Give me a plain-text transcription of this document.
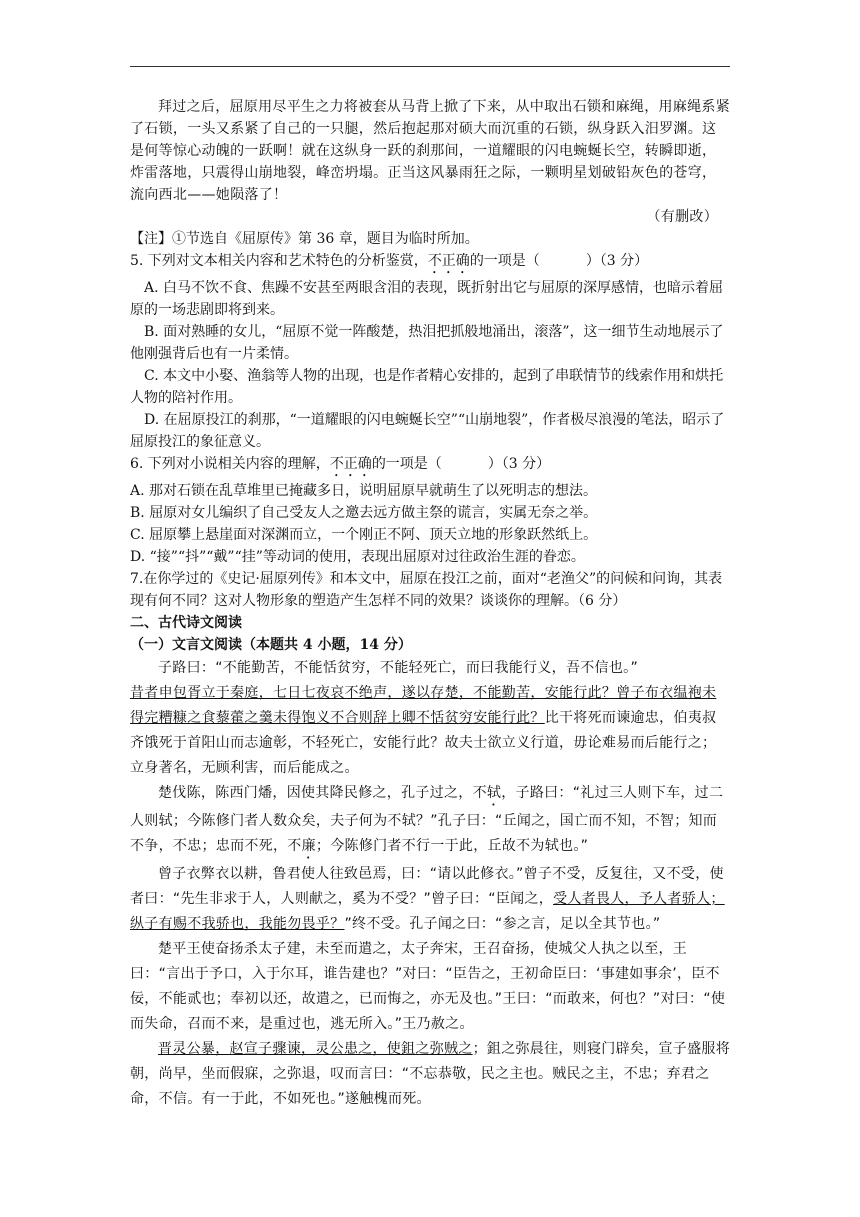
拜过之后，屈原用尽平生之力将被套从马背上掀了下来，从中取出石锁和麻绳，用麻绳系紧了石锁，一头又系紧了自己的一只腿，然后抱起那对硕大而沉重的石锁，纵身跃入汨罗渊。这是何等惊心动魄的一跃啊！就在这纵身一跃的刹那间，一道耀眼的闪电蜿蜒长空，转瞬即逝，炸雷落地，只震得山崩地裂，峰峦坍塌。正当这风暴雨狂之际，一颗明星划破铅灰色的苍穹，流向西北——她陨落了！

（有删改）

【注】①节选自《屈原传》第 36 章，题目为临时所加。

5. 下列对文本相关内容和艺术特色的分析鉴赏，不正确的一项是（	）（3 分）

A. 白马不饮不食、焦躁不安甚至两眼含泪的表现，既折射出它与屈原的深厚感情，也暗示着屈原的一场悲剧即将到来。

B. 面对熟睡的女儿，“屈原不觉一阵酸楚，热泪把抓般地涌出，滚落”，这一细节生动地展示了他刚强背后也有一片柔情。

C. 本文中小娶、渔翁等人物的出现，也是作者精心安排的，起到了串联情节的线索作用和烘托人物的陪衬作用。

D. 在屈原投江的刹那，“一道耀眼的闪电蜿蜒长空”“山崩地裂”，作者极尽浪漫的笔法，昭示了屈原投江的象征意义。

6. 下列对小说相关内容的理解，不正确的一项是（	）（3 分）

A. 那对石锁在乱草堆里已掩藏多日，说明屈原早就萌生了以死明志的想法。

B. 屈原对女儿编织了自己受友人之邀去远方做主祭的谎言，实属无奈之举。

C. 屈原攀上悬崖面对深渊而立，一个刚正不阿、顶天立地的形象跃然纸上。

D. “接”“抖”“戴”“挂”等动词的使用，表现出屈原对过往政治生涯的眷恋。

7.在你学过的《史记·屈原列传》和本文中，屈原在投江之前，面对“老渔父”的问候和问询，其表现有何不同？这对人物形象的塑造产生怎样不同的效果？谈谈你的理解。（6 分）

二、古代诗文阅读

（一）文言文阅读（本题共 4 小题，14 分）

子路曰：“不能勤苦，不能恬贫穷，不能轻死亡，而曰我能行义，吾不信也。”

昔者申包胥立于秦庭，七日七夜哀不绝声，遂以存楚，不能勤苦，安能行此？曾子布衣缊袍未得完糟糠之食藜藿之羹未得饱义不合则辞上卿不恬贫穷安能行此？比干将死而谏逾忠，伯夷叔齐饿死于首阳山而志逾彰，不轻死亡，安能行此？故夫士欲立义行道，毋论难易而后能行之；立身著名，无顾利害，而后能成之。

楚伐陈，陈西门燔，因使其降民修之，孔子过之，不轼，子路曰：“礼过三人则下车，过二人则轼；今陈修门者人数众矣，夫子何为不轼？”孔子曰：“丘闻之，国亡而不知，不智；知而不争，不忠；忠而不死，不廉；今陈修门者不行一于此，丘故不为轼也。”

曾子衣弊衣以耕，鲁君使人往致邑焉，曰：“请以此修衣。”曾子不受，反复往，又不受，使者曰：“先生非求于人，人则献之，奚为不受？”曾子曰：“臣闻之，受人者畏人，予人者骄人；纵子有赐不我骄也，我能勿畏乎？”终不受。孔子闻之曰：“参之言，足以全其节也。”

楚平王使奋扬杀太子建，未至而遣之，太子奔宋，王召奋扬，使城父人执之以至，王曰：“言出于予口，入于尔耳，谁告建也？”对曰：“臣告之，王初命臣曰：‘事建如事余’，臣不佞，不能贰也；奉初以还，故遣之，已而悔之，亦无及也。”王曰：“而敢来，何也？”对曰：“使而失命，召而不来，是重过也，逃无所入。”王乃赦之。

晋灵公暴，赵宣子骤谏，灵公患之，使鉏之弥贼之；鉏之弥晨往，则寝门辟矣，宣子盛服将朝，尚早，坐而假寐，之弥退，叹而言曰：“不忘恭敬，民之主也。贼民之主，不忠；弃君之命，不信。有一于此，不如死也。”遂触槐而死。
